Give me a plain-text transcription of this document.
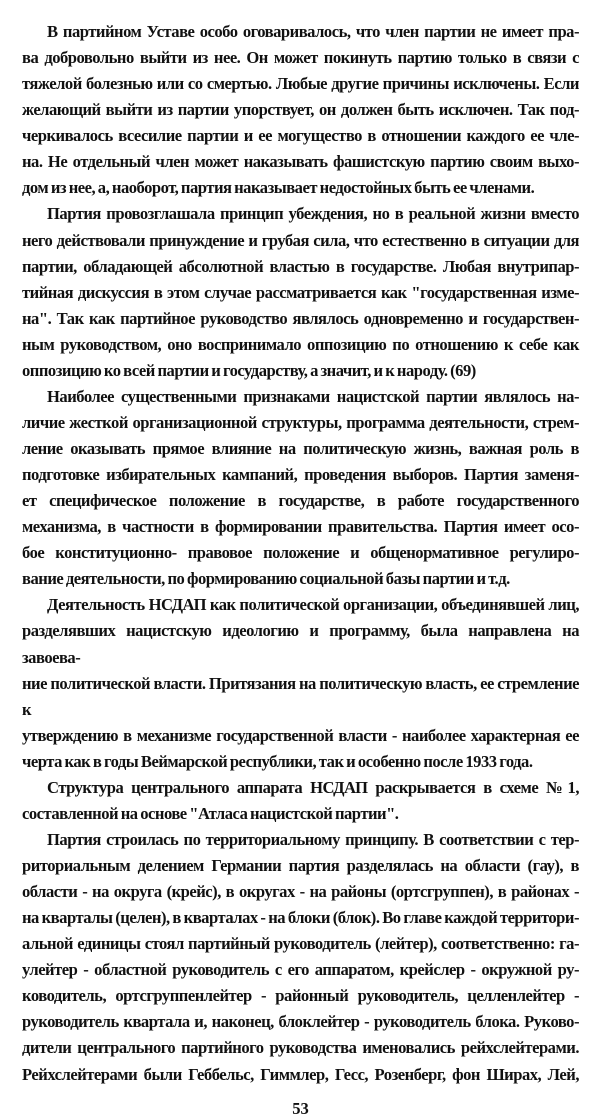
В партийном Уставе особо оговаривалось, что член партии не имеет пра-
ва добровольно выйти из нее. Он может покинуть партию только в связи с
тяжелой болезнью или со смертью. Любые другие причины исключены. Если
желающий выйти из партии упорствует, он должен быть исключен. Так под-
черкивалось всесилие партии и ее могущество в отношении каждого ее чле-
на. Не отдельный член может наказывать фашистскую партию своим выхо-
дом из нее, а, наоборот, партия наказывает недостойных быть ее членами.
Партия провозглашала принцип убеждения, но в реальной жизни вместо
него действовали принуждение и грубая сила, что естественно в ситуации для
партии, обладающей абсолютной властью в государстве. Любая внутрипар-
тийная дискуссия в этом случае рассматривается как "государственная изме-
на". Так как партийное руководство являлось одновременно и государствен-
ным руководством, оно воспринимало оппозицию по отношению к себе как
оппозицию ко всей партии и государству, а значит, и к народу. (69)
Наиболее существенными признаками нацистской партии являлось на-
личие жесткой организационной структуры, программа деятельности, стрем-
ление оказывать прямое влияние на политическую жизнь, важная роль в
подготовке избирательных кампаний, проведения выборов. Партия заменя-
ет специфическое положение в государстве, в работе государственного
механизма, в частности в формировании правительства. Партия имеет осо-
бое конституционно- правовое положение и общенормативное регулиро-
вание деятельности, по формированию социальной базы партии и т.д.
Деятельность НСДАП как политической организации, объединявшей лиц,
разделявших нацистскую идеологию и программу, была направлена на завоева-
ние политической власти. Притязания на политическую власть, ее стремление к
утверждению в механизме государственной власти - наиболее характерная ее
черта как в годы Веймарской республики, так и особенно после 1933 года.
Структура центрального аппарата НСДАП раскрывается в схеме №1,
составленной на основе "Атласа нацистской партии".
Партия строилась по территориальному принципу. В соответствии с тер-
риториальным делением Германии партия разделялась на области (гау), в
области - на округа (крейс), в округах - на районы (ортсгруппен), в районах -
на кварталы (целен), в кварталах - на блоки (блок). Во главе каждой территори-
альной единицы стоял партийный руководитель (лейтер), соответственно: га-
улейтер - областной руководитель с его аппаратом, крейслер - окружной ру-
ководитель, ортсгруппенлейтер - районный руководитель, целленлейтер -
руководитель квартала и, наконец, блоклейтер - руководитель блока. Руково-
дители центрального партийного руководства именовались рейхслейтерами.
Рейхслейтерами были Геббельс, Гиммлер, Гесс, Розенберг, фон Ширах, Лей,
53
